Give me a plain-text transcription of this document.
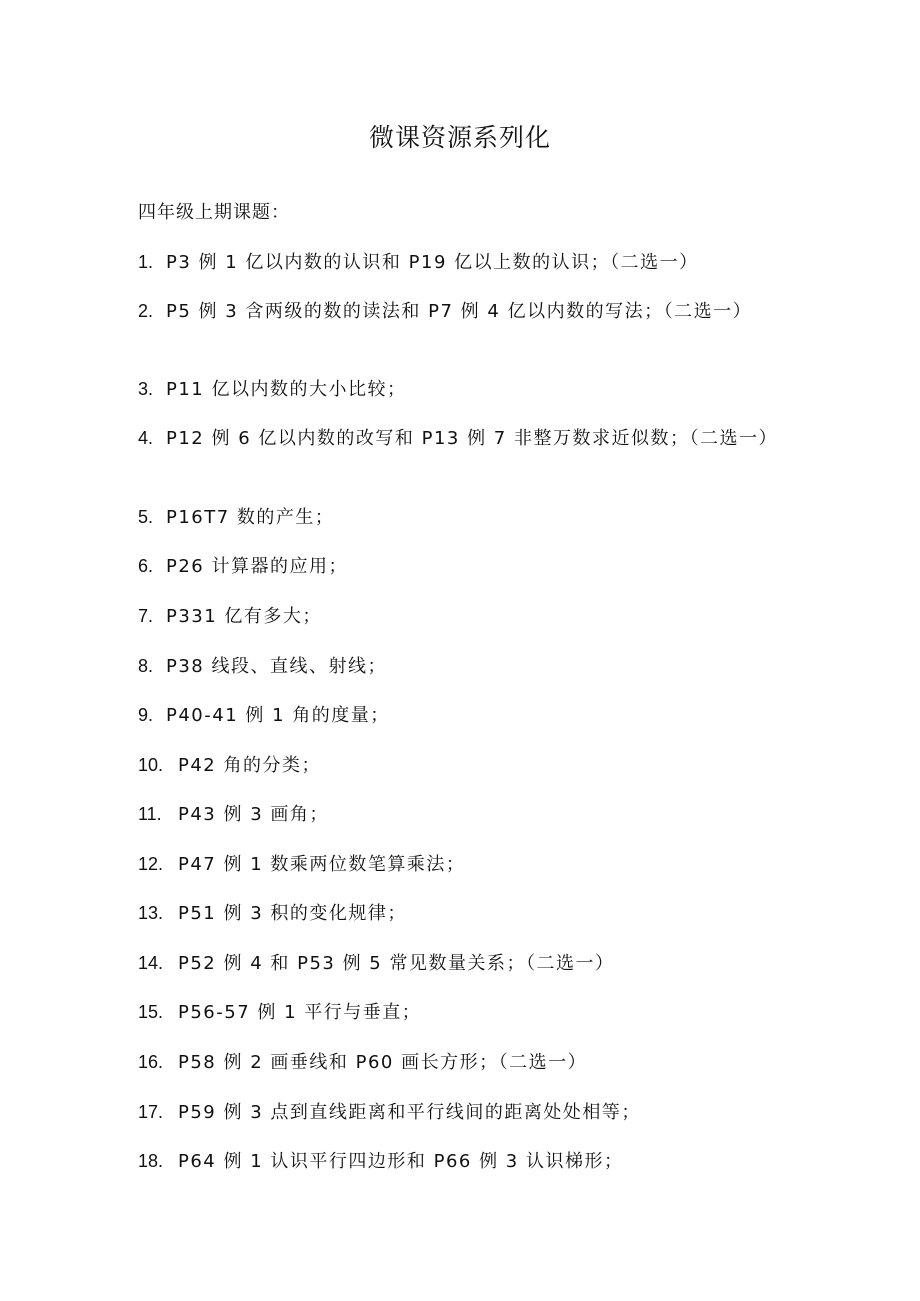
微课资源系列化
四年级上期课题：
1. P3 例 1 亿以内数的认识和 P19 亿以上数的认识；（二选一）
2. P5 例 3 含两级的数的读法和 P7 例 4 亿以内数的写法；（二选一）
3. P11 亿以内数的大小比较；
4. P12 例 6 亿以内数的改写和 P13 例 7 非整万数求近似数；（二选一）
5. P16T7 数的产生；
6. P26 计算器的应用；
7. P331 亿有多大；
8. P38 线段、直线、射线；
9. P40-41 例 1 角的度量；
10. P42 角的分类；
11. P43 例 3 画角；
12. P47 例 1 数乘两位数笔算乘法；
13. P51 例 3 积的变化规律；
14. P52 例 4 和 P53 例 5 常见数量关系；（二选一）
15. P56-57 例 1 平行与垂直；
16. P58 例 2 画垂线和 P60 画长方形；（二选一）
17. P59 例 3 点到直线距离和平行线间的距离处处相等；
18. P64 例 1 认识平行四边形和 P66 例 3 认识梯形；
